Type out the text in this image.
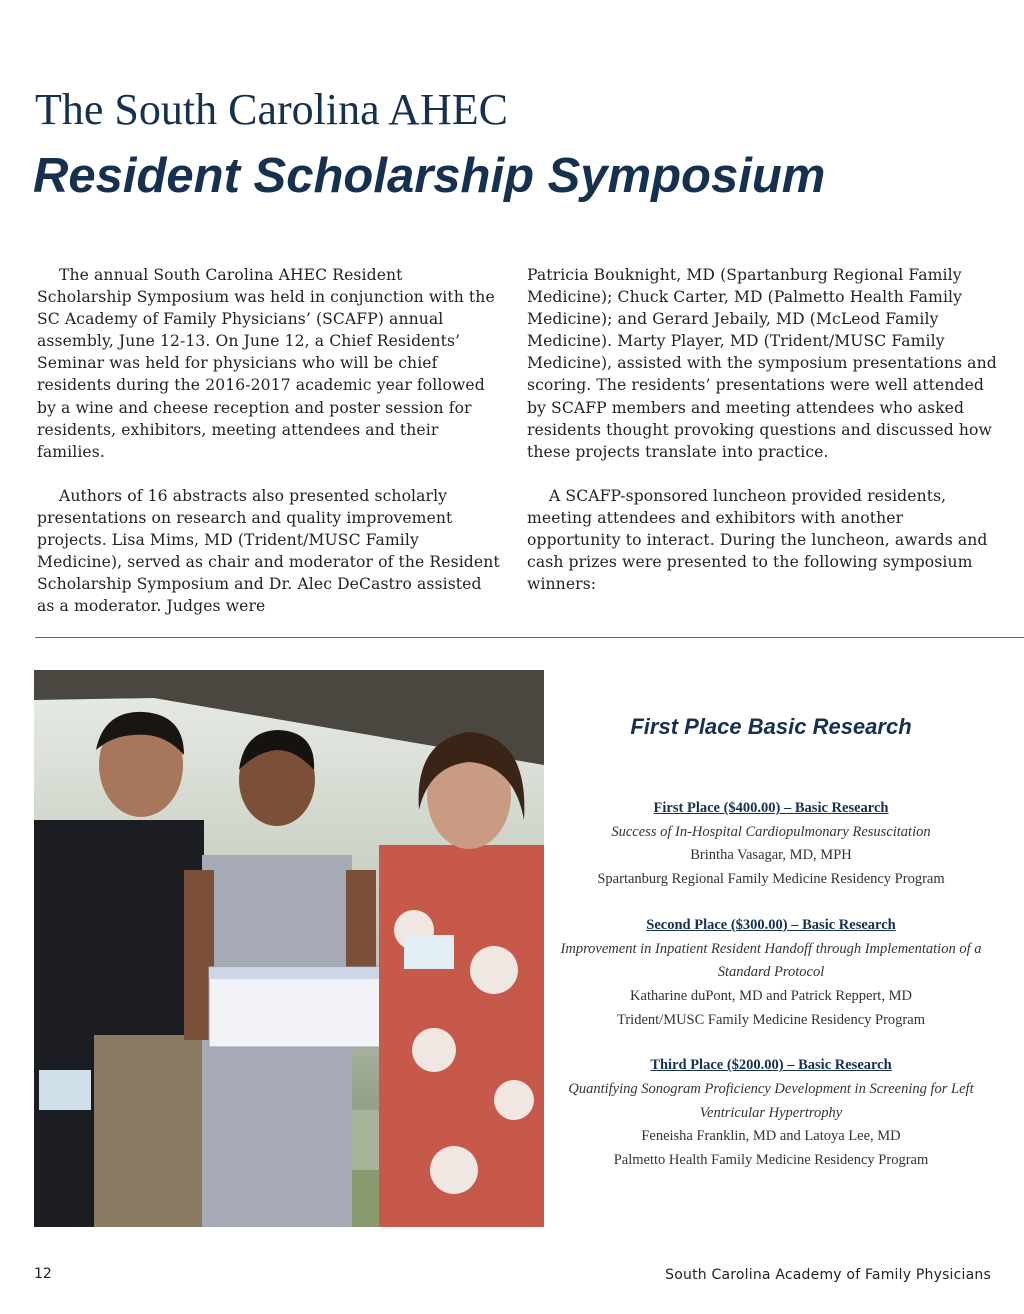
The South Carolina AHEC
Resident Scholarship Symposium

The annual South Carolina AHEC Resident Scholarship Symposium was held in conjunction with the SC Academy of Family Physicians’ (SCAFP) annual assembly, June 12-13. On June 12, a Chief Residents’ Seminar was held for physicians who will be chief residents during the 2016-2017 academic year followed by a wine and cheese reception and poster session for residents, exhibitors, meeting attendees and their families.

Authors of 16 abstracts also presented scholarly presentations on research and quality improvement projects. Lisa Mims, MD (Trident/MUSC Family Medicine), served as chair and moderator of the Resident Scholarship Symposium and Dr. Alec DeCastro assisted as a moderator. Judges were

Patricia Bouknight, MD (Spartanburg Regional Family Medicine); Chuck Carter, MD (Palmetto Health Family Medicine); and Gerard Jebaily, MD (McLeod Family Medicine). Marty Player, MD (Trident/MUSC Family Medicine), assisted with the symposium presentations and scoring. The residents’ presentations were well attended by SCAFP members and meeting attendees who asked residents thought provoking questions and discussed how these projects translate into practice.

A SCAFP-sponsored luncheon provided residents, meeting attendees and exhibitors with another opportunity to interact. During the luncheon, awards and cash prizes were presented to the following symposium winners:

First Place Basic Research
First Place ($400.00) – Basic Research
Success of In-Hospital Cardiopulmonary Resuscitation
Brintha Vasagar, MD, MPH
Spartanburg Regional Family Medicine Residency Program
Second Place ($300.00) – Basic Research
Improvement in Inpatient Resident Handoff through Implementation of a Standard Protocol
Katharine duPont, MD and Patrick Reppert, MD
Trident/MUSC Family Medicine Residency Program
Third Place ($200.00) – Basic Research
Quantifying Sonogram Proficiency Development in Screening for Left Ventricular Hypertrophy
Feneisha Franklin, MD and Latoya Lee, MD
Palmetto Health Family Medicine Residency Program
12	South Carolina Academy of Family Physicians
